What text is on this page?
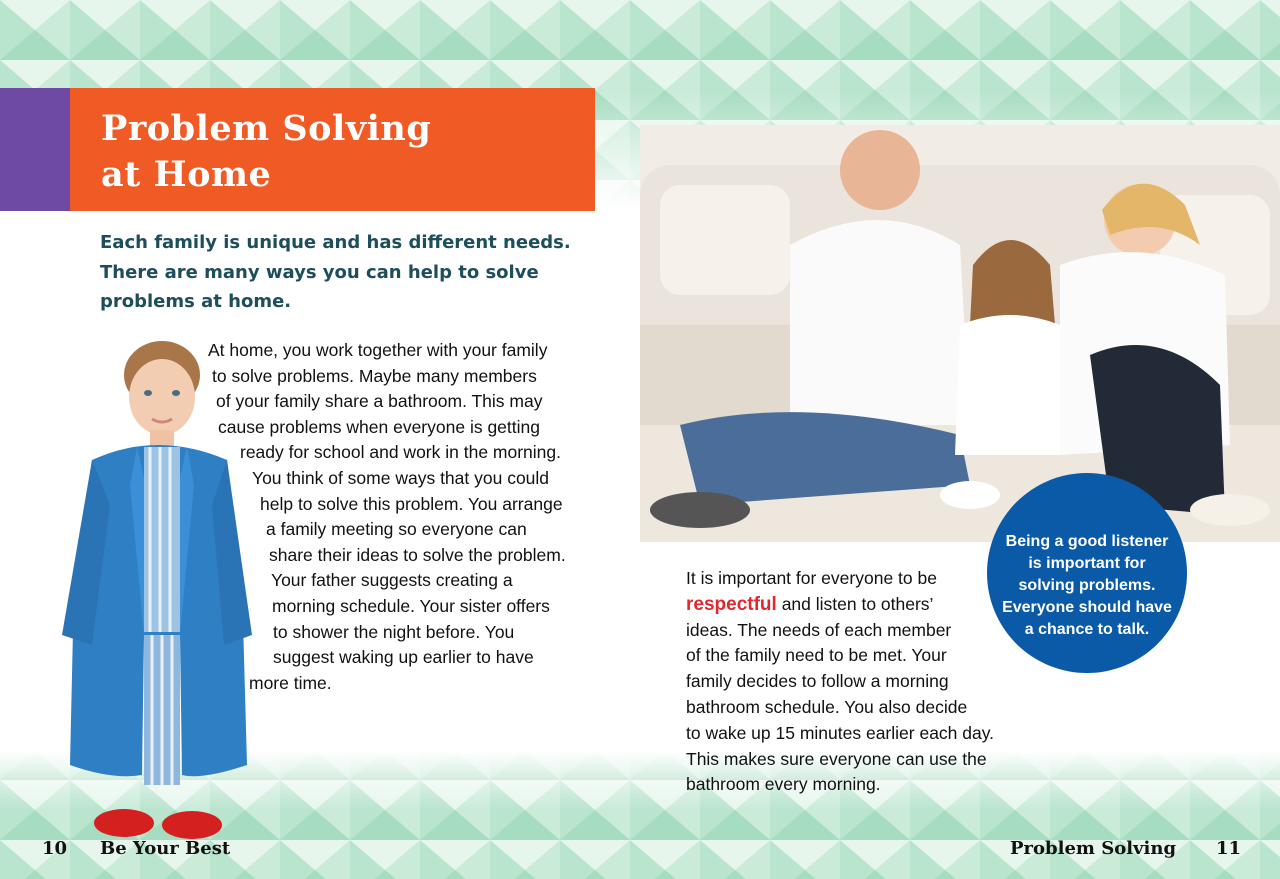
Problem Solving
at Home
Each family is unique and has different needs.
There are many ways you can help to solve
problems at home.
At home, you work together with your family
to solve problems. Maybe many members
of your family share a bathroom. This may
cause problems when everyone is getting
ready for school and work in the morning.
You think of some ways that you could
help to solve this problem. You arrange
a family meeting so everyone can
share their ideas to solve the problem.
Your father suggests creating a
morning schedule. Your sister offers
to shower the night before. You
suggest waking up earlier to have
more time.
Being a good listener is important for solving problems. Everyone should have a chance to talk.
It is important for everyone to be
respectful and listen to others’
ideas. The needs of each member
of the family need to be met. Your
family decides to follow a morning
bathroom schedule. You also decide
to wake up 15 minutes earlier each day.
This makes sure everyone can use the
bathroom every morning.
10 Be Your Best	Problem Solving 11
